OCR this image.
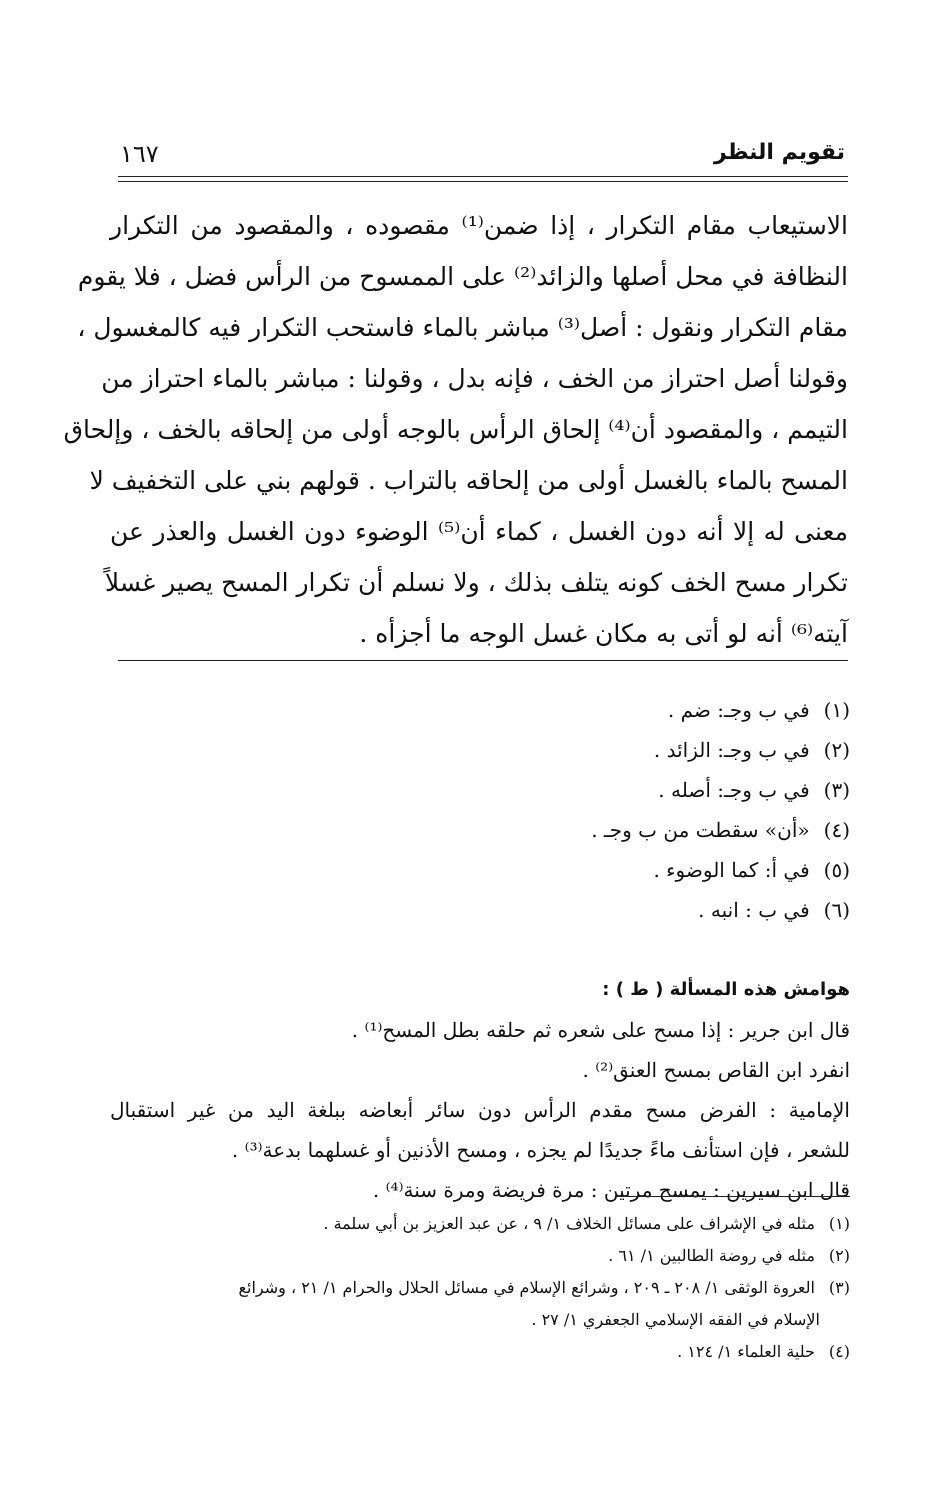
تقويم النظر
١٦٧
الاستيعاب مقام التكرار ، إذا ضمن⁽¹⁾ مقصوده ، والمقصود من التكرار
النظافة في محل أصلها والزائد⁽²⁾ على الممسوح من الرأس فضل ، فلا يقوم
مقام التكرار ونقول : أصل⁽³⁾ مباشر بالماء فاستحب التكرار فيه كالمغسول ،
وقولنا أصل احتراز من الخف ، فإنه بدل ، وقولنا : مباشر بالماء احتراز من
التيمم ، والمقصود أن⁽⁴⁾ إلحاق الرأس بالوجه أولى من إلحاقه بالخف ، وإلحاق
المسح بالماء بالغسل أولى من إلحاقه بالتراب . قولهم بني على التخفيف لا
معنى له إلا أنه دون الغسل ، كماء أن⁽⁵⁾ الوضوء دون الغسل والعذر عن
تكرار مسح الخف كونه يتلف بذلك ، ولا نسلم أن تكرار المسح يصير غسلاً
آيته⁽⁶⁾ أنه لو أتى به مكان غسل الوجه ما أجزأه .
(١) في ب وجـ: ضم .
(٢) في ب وجـ: الزائد .
(٣) في ب وجـ: أصله .
(٤) «أن» سقطت من ب وجـ .
(٥) في أ: كما الوضوء .
(٦) في ب : انبه .
هوامش هذه المسألة ( ط ) :
قال ابن جرير : إذا مسح على شعره ثم حلقه بطل المسح⁽¹⁾ .
انفرد ابن القاص بمسح العنق⁽²⁾ .
الإمامية : الفرض مسح مقدم الرأس دون سائر أبعاضه ببلغة اليد من غير استقبال
للشعر ، فإن استأنف ماءً جديدًا لم يجزه ، ومسح الأذنين أو غسلهما بدعة⁽³⁾ .
قال ابن سيرين : يمسح مرتين : مرة فريضة ومرة سنة⁽⁴⁾ .
(١) مثله في الإشراف على مسائل الخلاف ١/ ٩ ، عن عبد العزيز بن أبي سلمة .
(٢) مثله في روضة الطالبين ١/ ٦١ .
(٣) العروة الوثقى ١/ ٢٠٨ ـ ٢٠٩ ، وشرائع الإسلام في مسائل الحلال والحرام ١/ ٢١ ، وشرائع
الإسلام في الفقه الإسلامي الجعفري ١/ ٢٧ .
(٤) حلية العلماء ١/ ١٢٤ .
